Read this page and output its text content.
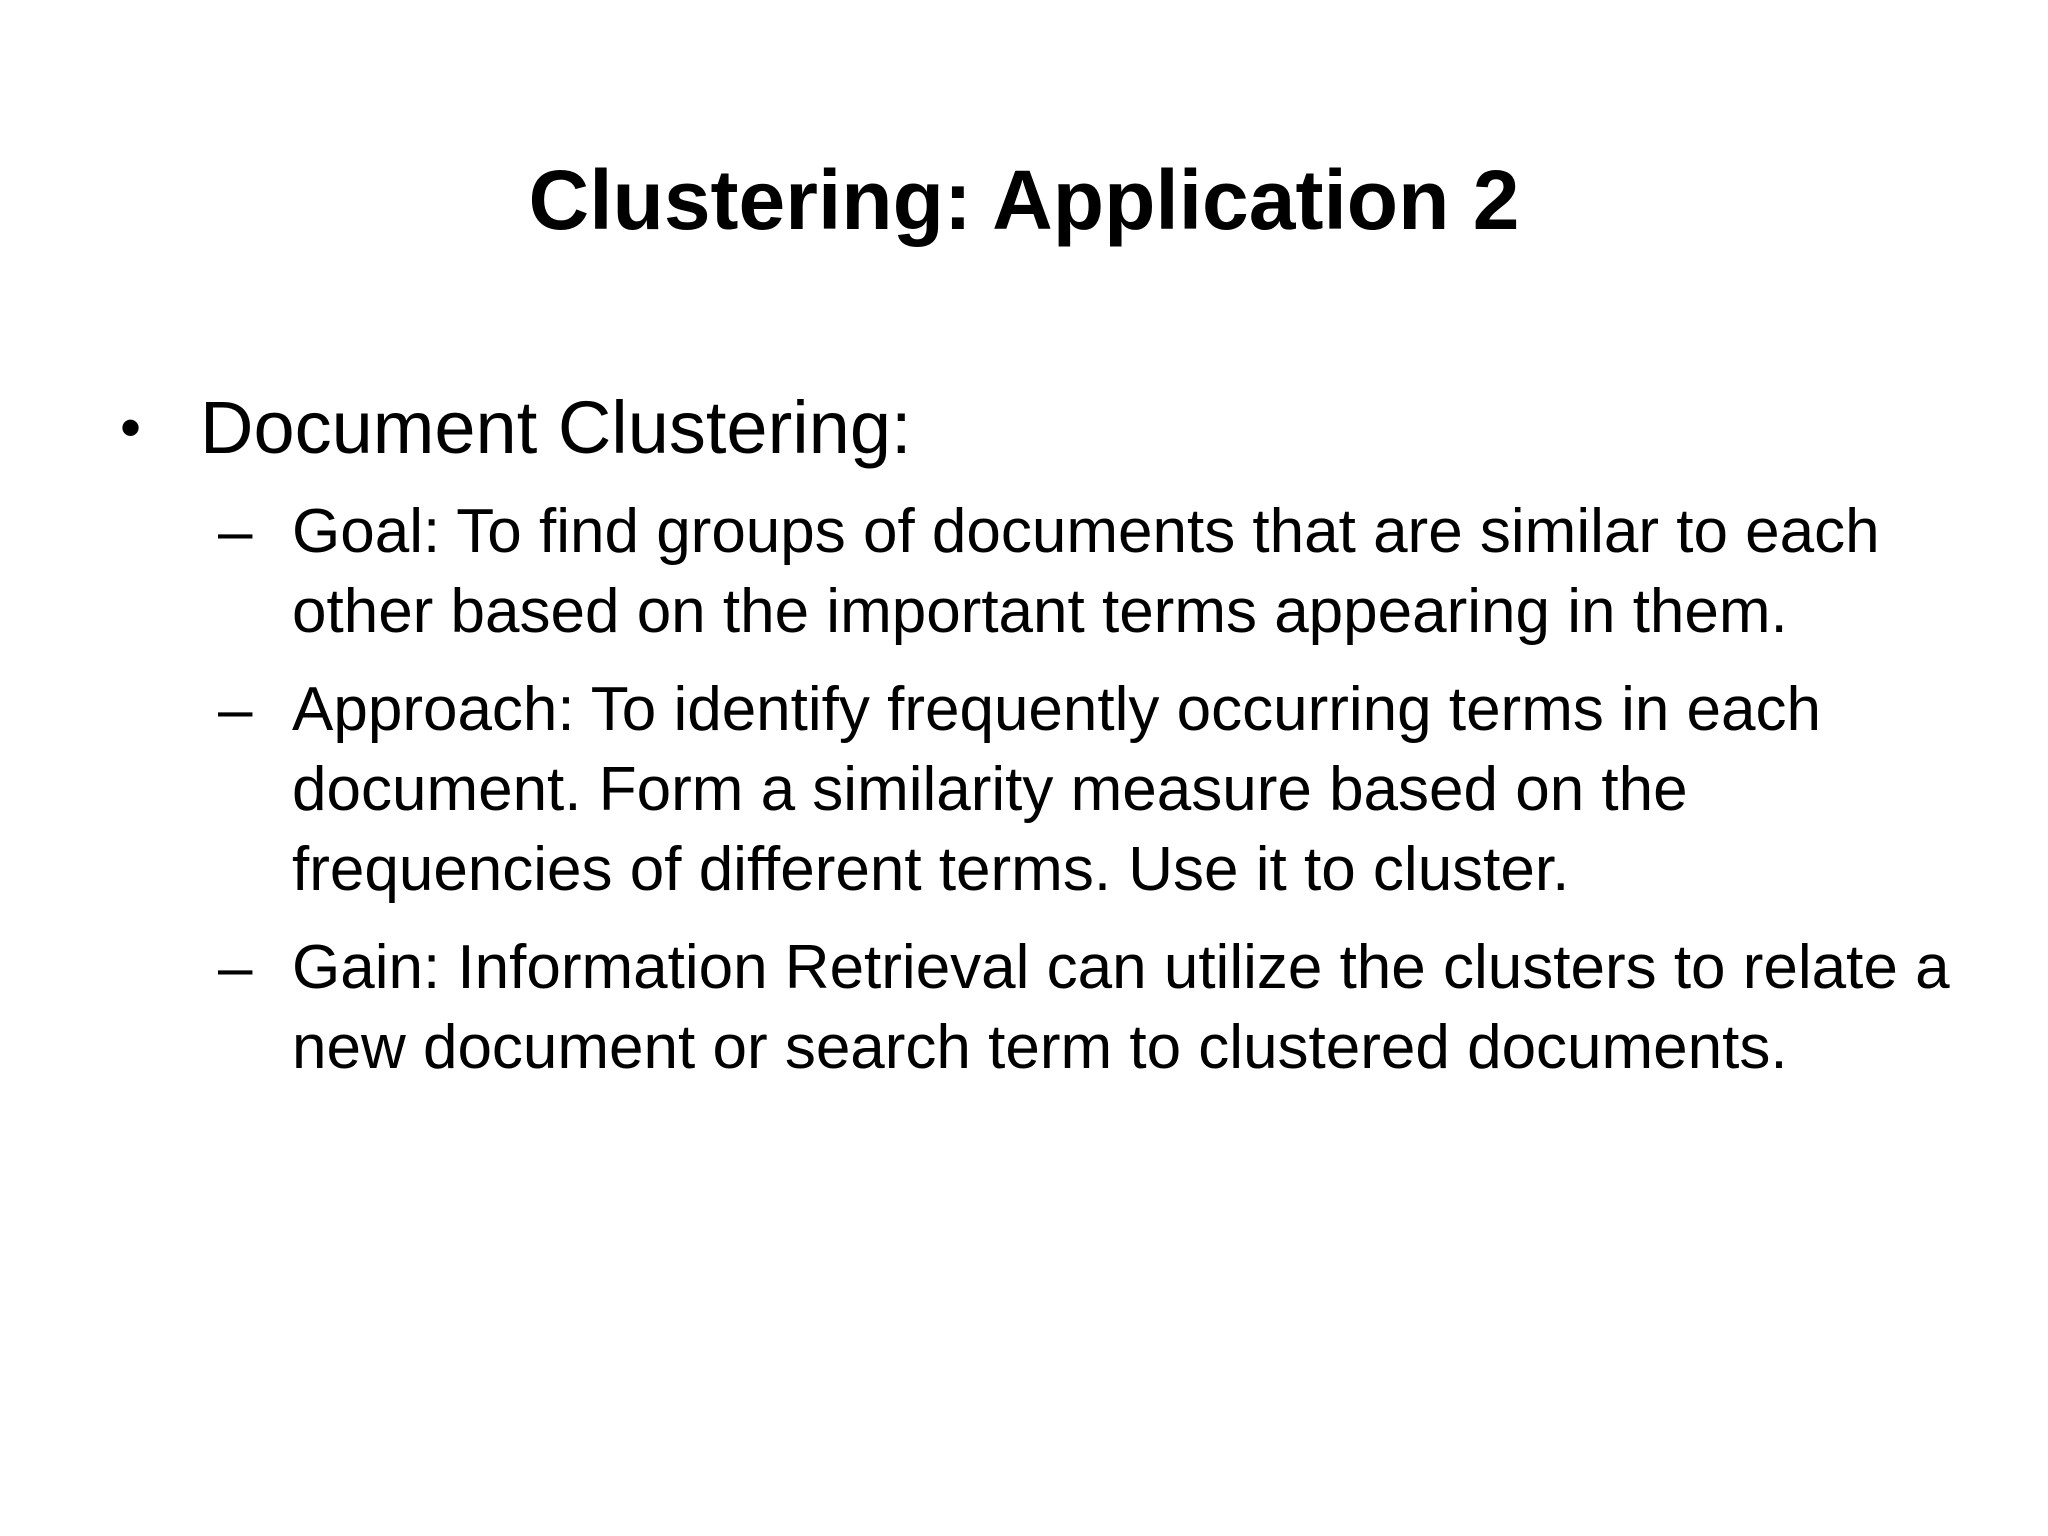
Clustering: Application 2
• Document Clustering:
– Goal: To find groups of documents that are similar to each other based on the important terms appearing in them.
– Approach: To identify frequently occurring terms in each document. Form a similarity measure based on the frequencies of different terms. Use it to cluster.
– Gain: Information Retrieval can utilize the clusters to relate a new document or search term to clustered documents.
